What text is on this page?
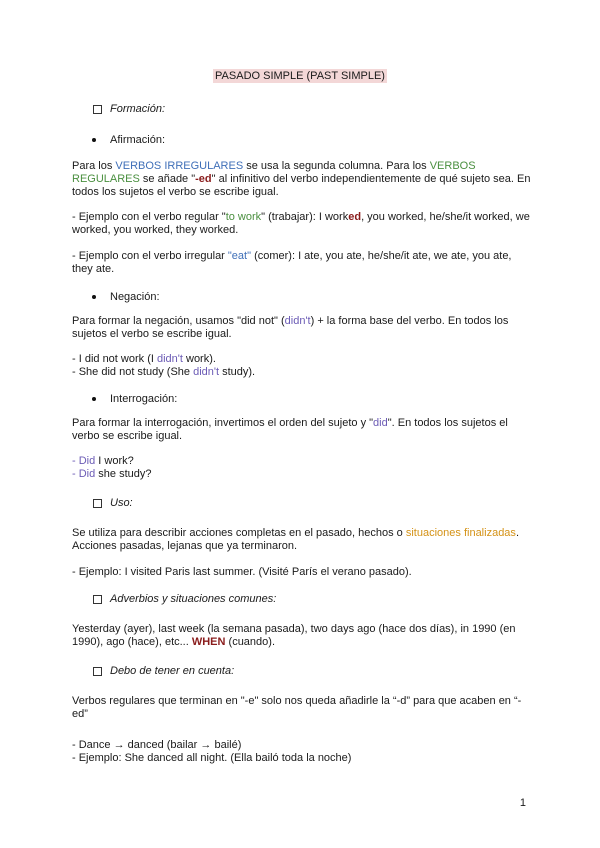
PASADO SIMPLE (PAST SIMPLE)
Formación:
Afirmación:

Para los VERBOS IRREGULARES se usa la segunda columna. Para los VERBOS REGULARES se añade "-ed" al infinitivo del verbo independientemente de qué sujeto sea. En todos los sujetos el verbo se escribe igual.

- Ejemplo con el verbo regular "to work" (trabajar): I worked, you worked, he/she/it worked, we worked, you worked, they worked.

- Ejemplo con el verbo irregular "eat" (comer): I ate, you ate, he/she/it ate, we ate, you ate, they ate.

Negación:

Para formar la negación, usamos "did not" (didn't) + la forma base del verbo. En todos los sujetos el verbo se escribe igual.

- I did not work (I didn't work).

- She did not study (She didn't study).

Interrogación:

Para formar la interrogación, invertimos el orden del sujeto y "did". En todos los sujetos el verbo se escribe igual.

- Did I work?

- Did she study?

Uso:

Se utiliza para describir acciones completas en el pasado, hechos o situaciones finalizadas. Acciones pasadas, lejanas que ya terminaron.

- Ejemplo: I visited Paris last summer. (Visité París el verano pasado).

Adverbios y situaciones comunes:

Yesterday (ayer), last week (la semana pasada), two days ago (hace dos días), in 1990 (en 1990), ago (hace), etc... WHEN (cuando).

Debo de tener en cuenta:

Verbos regulares que terminan en "-e" solo nos queda añadirle la “-d” para que acaben en “-ed”

- Dance → danced (bailar → bailé)

- Ejemplo: She danced all night. (Ella bailó toda la noche)

1
